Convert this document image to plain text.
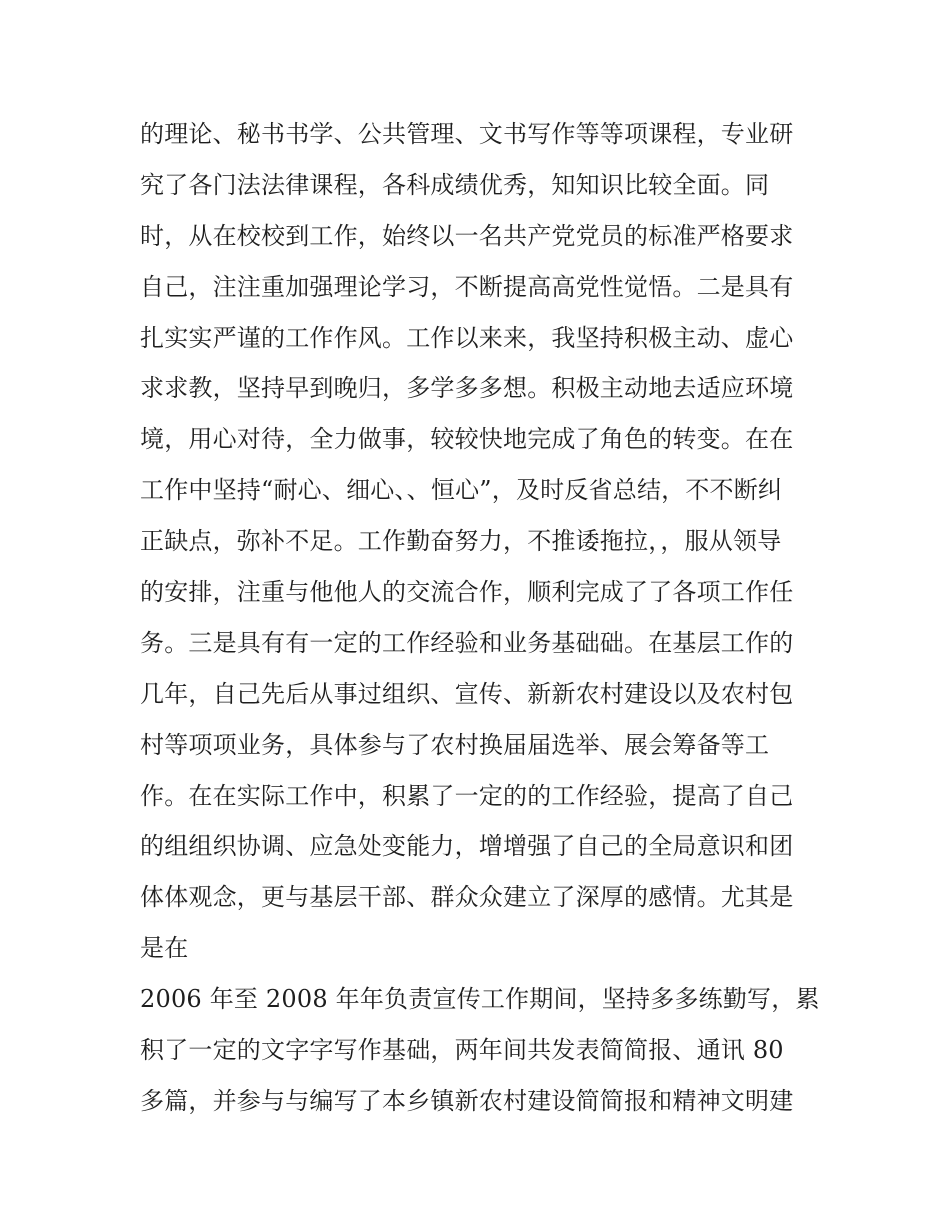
的理论、秘书书学、公共管理、文书写作等等项课程，专业研
究了各门法法律课程，各科成绩优秀，知知识比较全面。同
时，从在校校到工作，始终以一名共产党党员的标准严格要求
自己，注注重加强理论学习，不断提高高党性觉悟。二是具有
扎实实严谨的工作作风。工作以来来，我坚持积极主动、虚心
求求教，坚持早到晚归，多学多多想。积极主动地去适应环境
境，用心对待，全力做事，较较快地完成了角色的转变。在在
工作中坚持“耐心、细心、、恒心”，及时反省总结，不不断纠
正缺点，弥补不足。工作勤奋努力，不推诿拖拉，，服从领导
的安排，注重与他他人的交流合作，顺利完成了了各项工作任
务。三是具有有一定的工作经验和业务基础础。在基层工作的
几年，自己先后从事过组织、宣传、新新农村建设以及农村包
村等项项业务，具体参与了农村换届届选举、展会筹备等工
作。在在实际工作中，积累了一定的的工作经验，提高了自己
的组组织协调、应急处变能力，增增强了自己的全局意识和团
体体观念，更与基层干部、群众众建立了深厚的感情。尤其是
是在
2006 年至 2008 年年负责宣传工作期间，坚持多多练勤写，累
积了一定的文字字写作基础，两年间共发表简简报、通讯 80
多篇，并参与与编写了本乡镇新农村建设简简报和精神文明建
